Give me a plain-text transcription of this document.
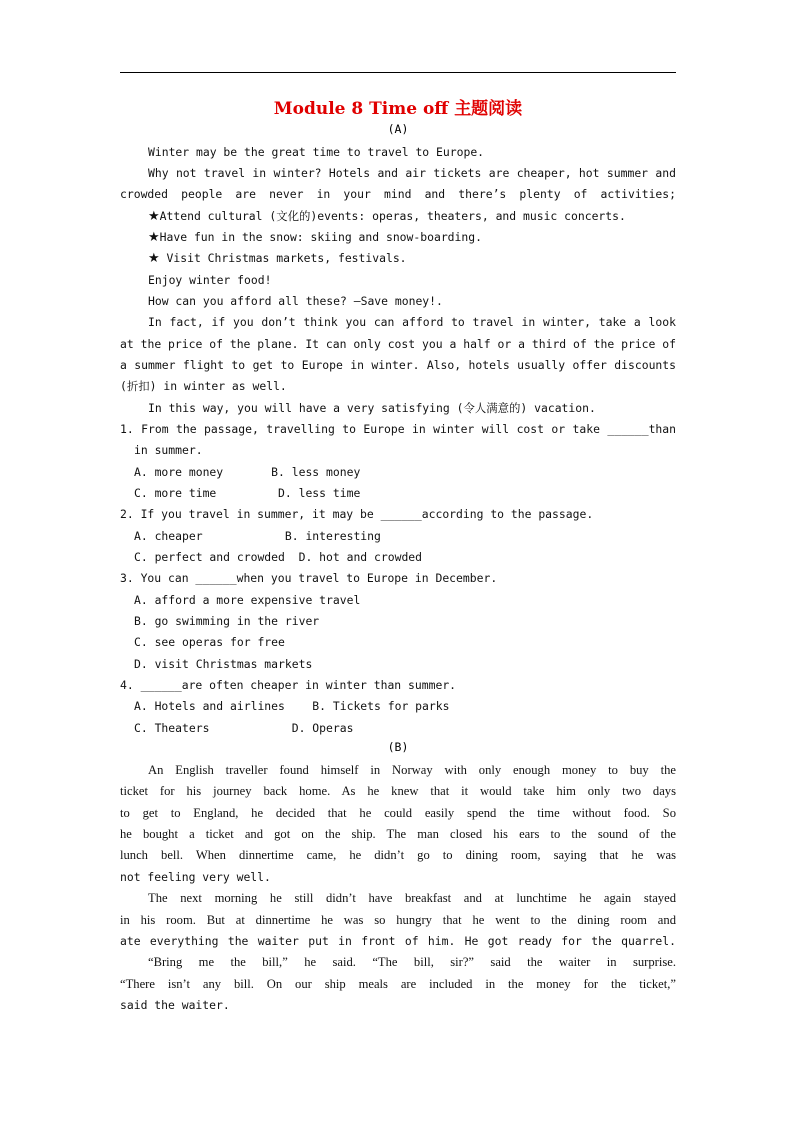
Module 8 Time off 主题阅读
(A)
Winter may be the great time to travel to Europe.
Why not travel in winter? Hotels and air tickets are cheaper, hot summer and
crowded people are never in your mind and there’s plenty of activities;
★Attend cultural (文化的)events: operas, theaters, and music concerts.
★Have fun in the snow: skiing and snow-boarding.
★ Visit Christmas markets, festivals.
Enjoy winter food!
How can you afford all these? —Save money!.
In fact, if you don’t think you can afford to travel in winter, take a look
at the price of the plane. It can only cost you a half or a third of the price of
a summer flight to get to Europe in winter. Also, hotels usually offer discounts
(折扣) in winter as well.
In this way, you will have a very satisfying (令人满意的) vacation.
1. From the passage, travelling to Europe in winter will cost or take ______than
in summer.
A. more money       B. less money
C. more time         D. less time
2. If you travel in summer, it may be ______according to the passage.
A. cheaper            B. interesting
C. perfect and crowded  D. hot and crowded
3. You can ______when you travel to Europe in December.
A. afford a more expensive travel
B. go swimming in the river
C. see operas for free
D. visit Christmas markets
4. ______are often cheaper in winter than summer.
A. Hotels and airlines    B. Tickets for parks
C. Theaters            D. Operas
(B)
An English traveller found himself in Norway with only enough money to buy the
ticket for his journey back home. As he knew that it would take him only two days
to get to England, he decided that he could easily spend the time without food. So
he bought a ticket and got on the ship. The man closed his ears to the sound of the
lunch bell. When dinnertime came, he didn’t go to dining room, saying that he was
not feeling very well.
The next morning he still didn’t have breakfast and at lunchtime he again stayed
in his room. But at dinnertime he was so hungry that he went to the dining room and
ate everything the waiter put in front of him. He got ready for the quarrel.
“Bring me the bill,” he said. “The bill, sir?” said the waiter in surprise.
“There isn’t any bill. On our ship meals are included in the money for the ticket,”
said the waiter.
